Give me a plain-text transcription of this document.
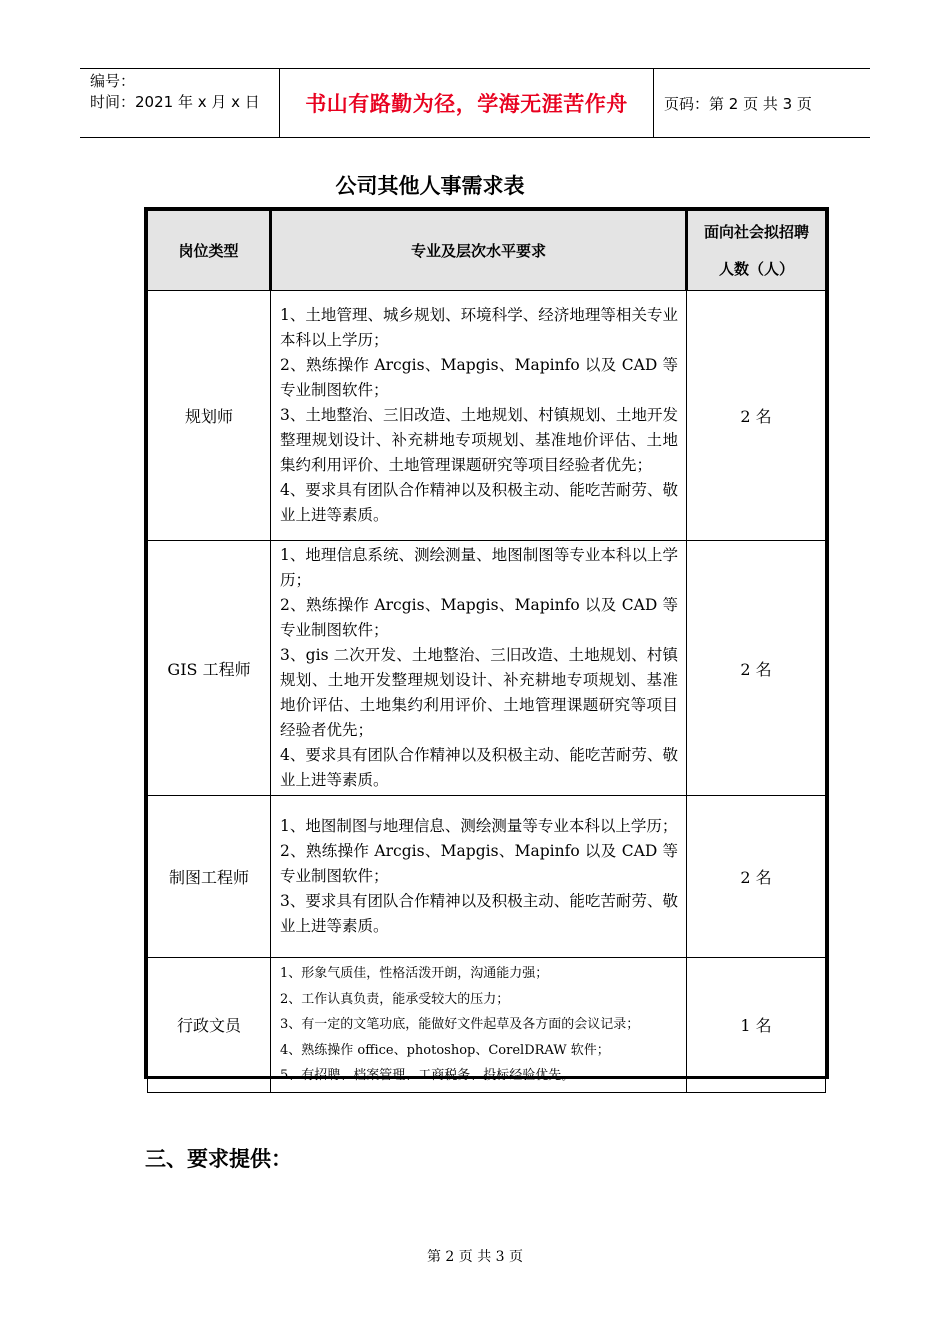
编号：
时间：2021 年 x 月 x 日	书山有路勤为径，学海无涯苦作舟	页码：第 2 页 共 3 页
公司其他人事需求表
岗位类型	专业及层次水平要求	面向社会拟招聘
人数（人）

规划师	1、土地管理、城乡规划、环境科学、经济地理等相关专业本科以上学历；

2、熟练操作 Arcgis、Mapgis、Mapinfo 以及 CAD 等专业制图软件；

3、土地整治、三旧改造、土地规划、村镇规划、土地开发整理规划设计、补充耕地专项规划、基准地价评估、土地集约利用评价、土地管理课题研究等项目经验者优先；

4、要求具有团队合作精神以及积极主动、能吃苦耐劳、敬业上进等素质。	2 名
GIS 工程师	1、地理信息系统、测绘测量、地图制图等专业本科以上学历；

2、熟练操作 Arcgis、Mapgis、Mapinfo 以及 CAD 等专业制图软件；

3、gis 二次开发、土地整治、三旧改造、土地规划、村镇规划、土地开发整理规划设计、补充耕地专项规划、基准地价评估、土地集约利用评价、土地管理课题研究等项目经验者优先；

4、要求具有团队合作精神以及积极主动、能吃苦耐劳、敬业上进等素质。	2 名
制图工程师	1、地图制图与地理信息、测绘测量等专业本科以上学历；

2、熟练操作 Arcgis、Mapgis、Mapinfo 以及 CAD 等专业制图软件；

3、要求具有团队合作精神以及积极主动、能吃苦耐劳、敬业上进等素质。	2 名
行政文员	1、形象气质佳，性格活泼开朗，沟通能力强；

2、工作认真负责，能承受较大的压力；

3、有一定的文笔功底，能做好文件起草及各方面的会议记录；

4、熟练操作 office、photoshop、CorelDRAW 软件；

5、有招聘、档案管理、工商税务、投标经验优先。	1 名
三、要求提供：
第 2 页 共 3 页
